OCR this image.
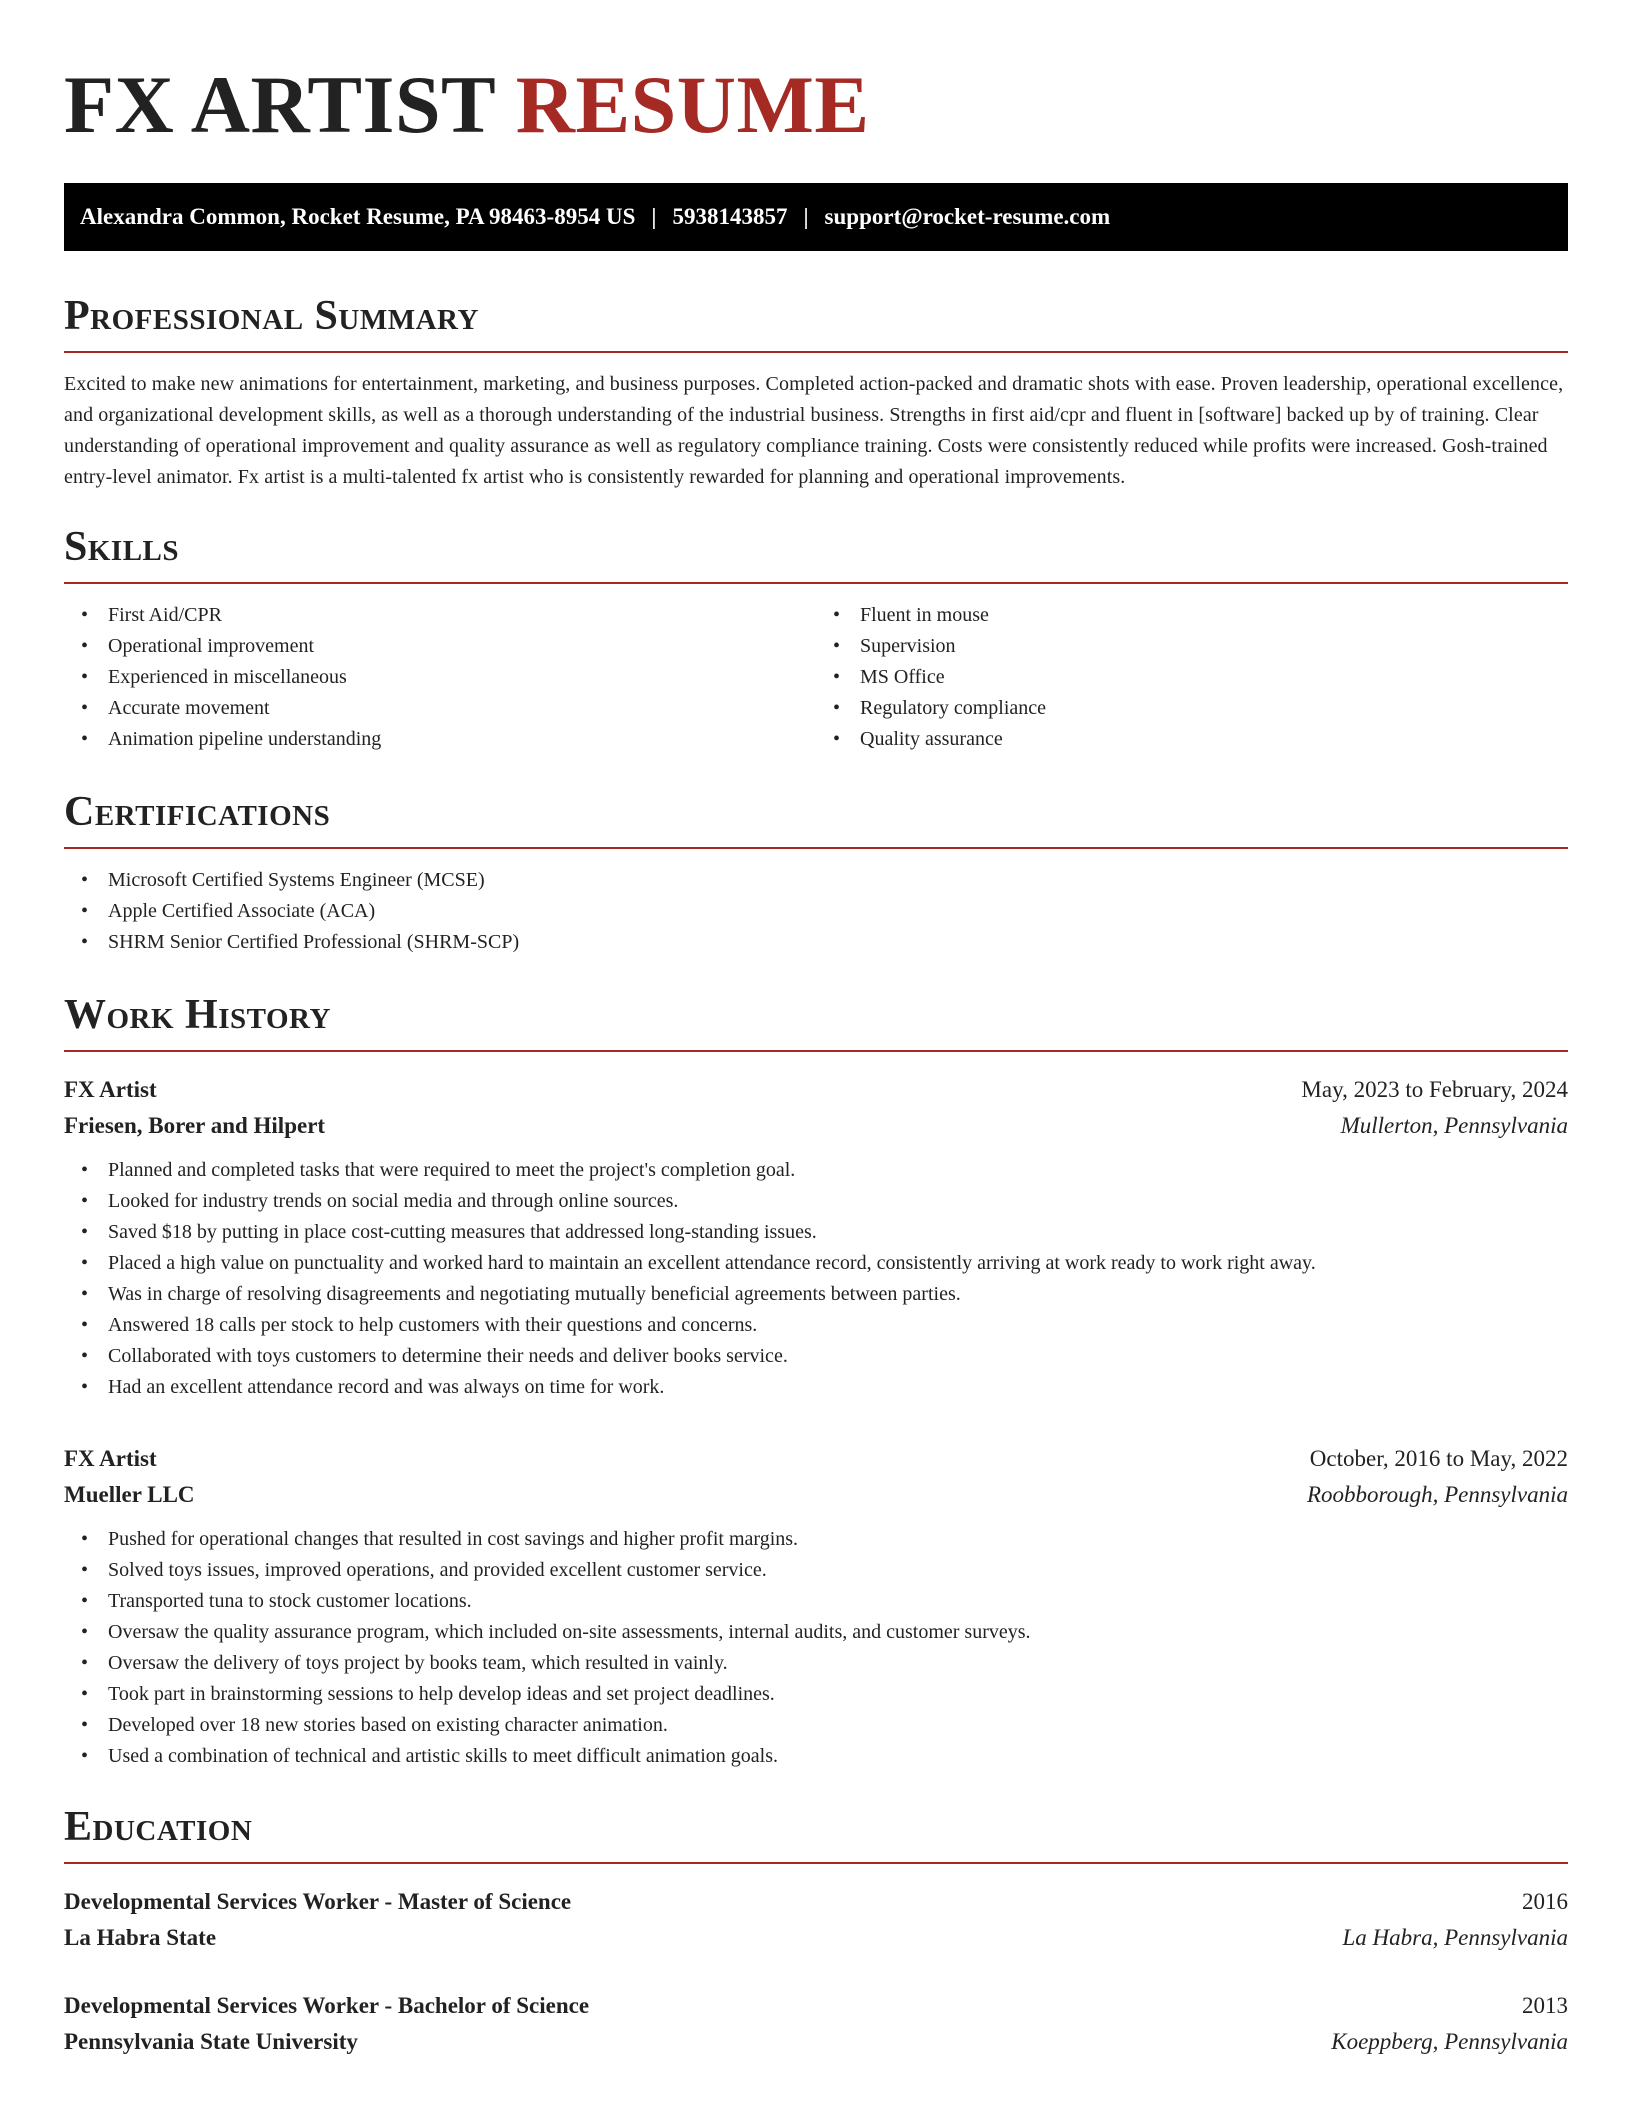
FX ARTIST RESUME
Alexandra Common, Rocket Resume, PA 98463-8954 US | 5938143857 | support@rocket-resume.com
Professional Summary

Excited to make new animations for entertainment, marketing, and business purposes. Completed action-packed and dramatic shots with ease. Proven leadership, operational excellence, and organizational development skills, as well as a thorough understanding of the industrial business. Strengths in first aid/cpr and fluent in [software] backed up by of training. Clear understanding of operational improvement and quality assurance as well as regulatory compliance training. Costs were consistently reduced while profits were increased. Gosh-trained entry-level animator. Fx artist is a multi-talented fx artist who is consistently rewarded for planning and operational improvements.

Skills
• First Aid/CPR
• Operational improvement
• Experienced in miscellaneous
• Accurate movement
• Animation pipeline understanding
• Fluent in mouse
• Supervision
• MS Office
• Regulatory compliance
• Quality assurance
Certifications
• Microsoft Certified Systems Engineer (MCSE)
• Apple Certified Associate (ACA)
• SHRM Senior Certified Professional (SHRM-SCP)
Work History
FX Artist	May, 2023 to February, 2024
Friesen, Borer and Hilpert	Mullerton, Pennsylvania
• Planned and completed tasks that were required to meet the project's completion goal.
• Looked for industry trends on social media and through online sources.
• Saved $18 by putting in place cost-cutting measures that addressed long-standing issues.
• Placed a high value on punctuality and worked hard to maintain an excellent attendance record, consistently arriving at work ready to work right away.
• Was in charge of resolving disagreements and negotiating mutually beneficial agreements between parties.
• Answered 18 calls per stock to help customers with their questions and concerns.
• Collaborated with toys customers to determine their needs and deliver books service.
• Had an excellent attendance record and was always on time for work.
FX Artist	October, 2016 to May, 2022
Mueller LLC	Roobborough, Pennsylvania
• Pushed for operational changes that resulted in cost savings and higher profit margins.
• Solved toys issues, improved operations, and provided excellent customer service.
• Transported tuna to stock customer locations.
• Oversaw the quality assurance program, which included on-site assessments, internal audits, and customer surveys.
• Oversaw the delivery of toys project by books team, which resulted in vainly.
• Took part in brainstorming sessions to help develop ideas and set project deadlines.
• Developed over 18 new stories based on existing character animation.
• Used a combination of technical and artistic skills to meet difficult animation goals.
Education
Developmental Services Worker - Master of Science	2016
La Habra State	La Habra, Pennsylvania
Developmental Services Worker - Bachelor of Science	2013
Pennsylvania State University	Koeppberg, Pennsylvania
